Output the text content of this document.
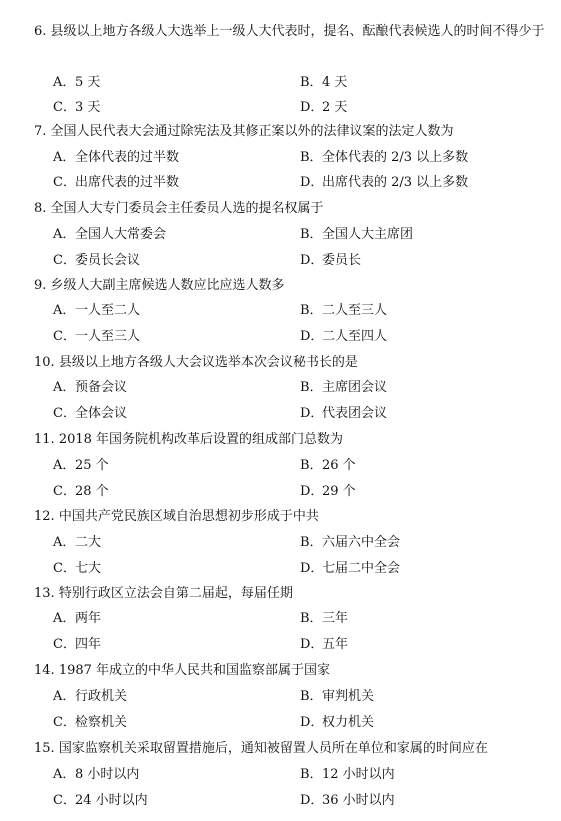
6. 县级以上地方各级人大选举上一级人大代表时，提名、酝酿代表候选人的时间不得少于
A．5 天	B．4 天
C．3 天	D．2 天
7. 全国人民代表大会通过除宪法及其修正案以外的法律议案的法定人数为
A．全体代表的过半数	B．全体代表的 2/3 以上多数
C．出席代表的过半数	D．出席代表的 2/3 以上多数
8. 全国人大专门委员会主任委员人选的提名权属于
A．全国人大常委会	B．全国人大主席团
C．委员长会议	D．委员长
9. 乡级人大副主席候选人数应比应选人数多
A．一人至二人	B．二人至三人
C．一人至三人	D．二人至四人
10. 县级以上地方各级人大会议选举本次会议秘书长的是
A．预备会议	B．主席团会议
C．全体会议	D．代表团会议
11. 2018 年国务院机构改革后设置的组成部门总数为
A．25 个	B．26 个
C．28 个	D．29 个
12. 中国共产党民族区域自治思想初步形成于中共
A．二大	B．六届六中全会
C．七大	D．七届二中全会
13. 特别行政区立法会自第二届起，每届任期
A．两年	B．三年
C．四年	D．五年
14. 1987 年成立的中华人民共和国监察部属于国家
A．行政机关	B．审判机关
C．检察机关	D．权力机关
15. 国家监察机关采取留置措施后，通知被留置人员所在单位和家属的时间应在
A．8 小时以内	B．12 小时以内
C．24 小时以内	D．36 小时以内
